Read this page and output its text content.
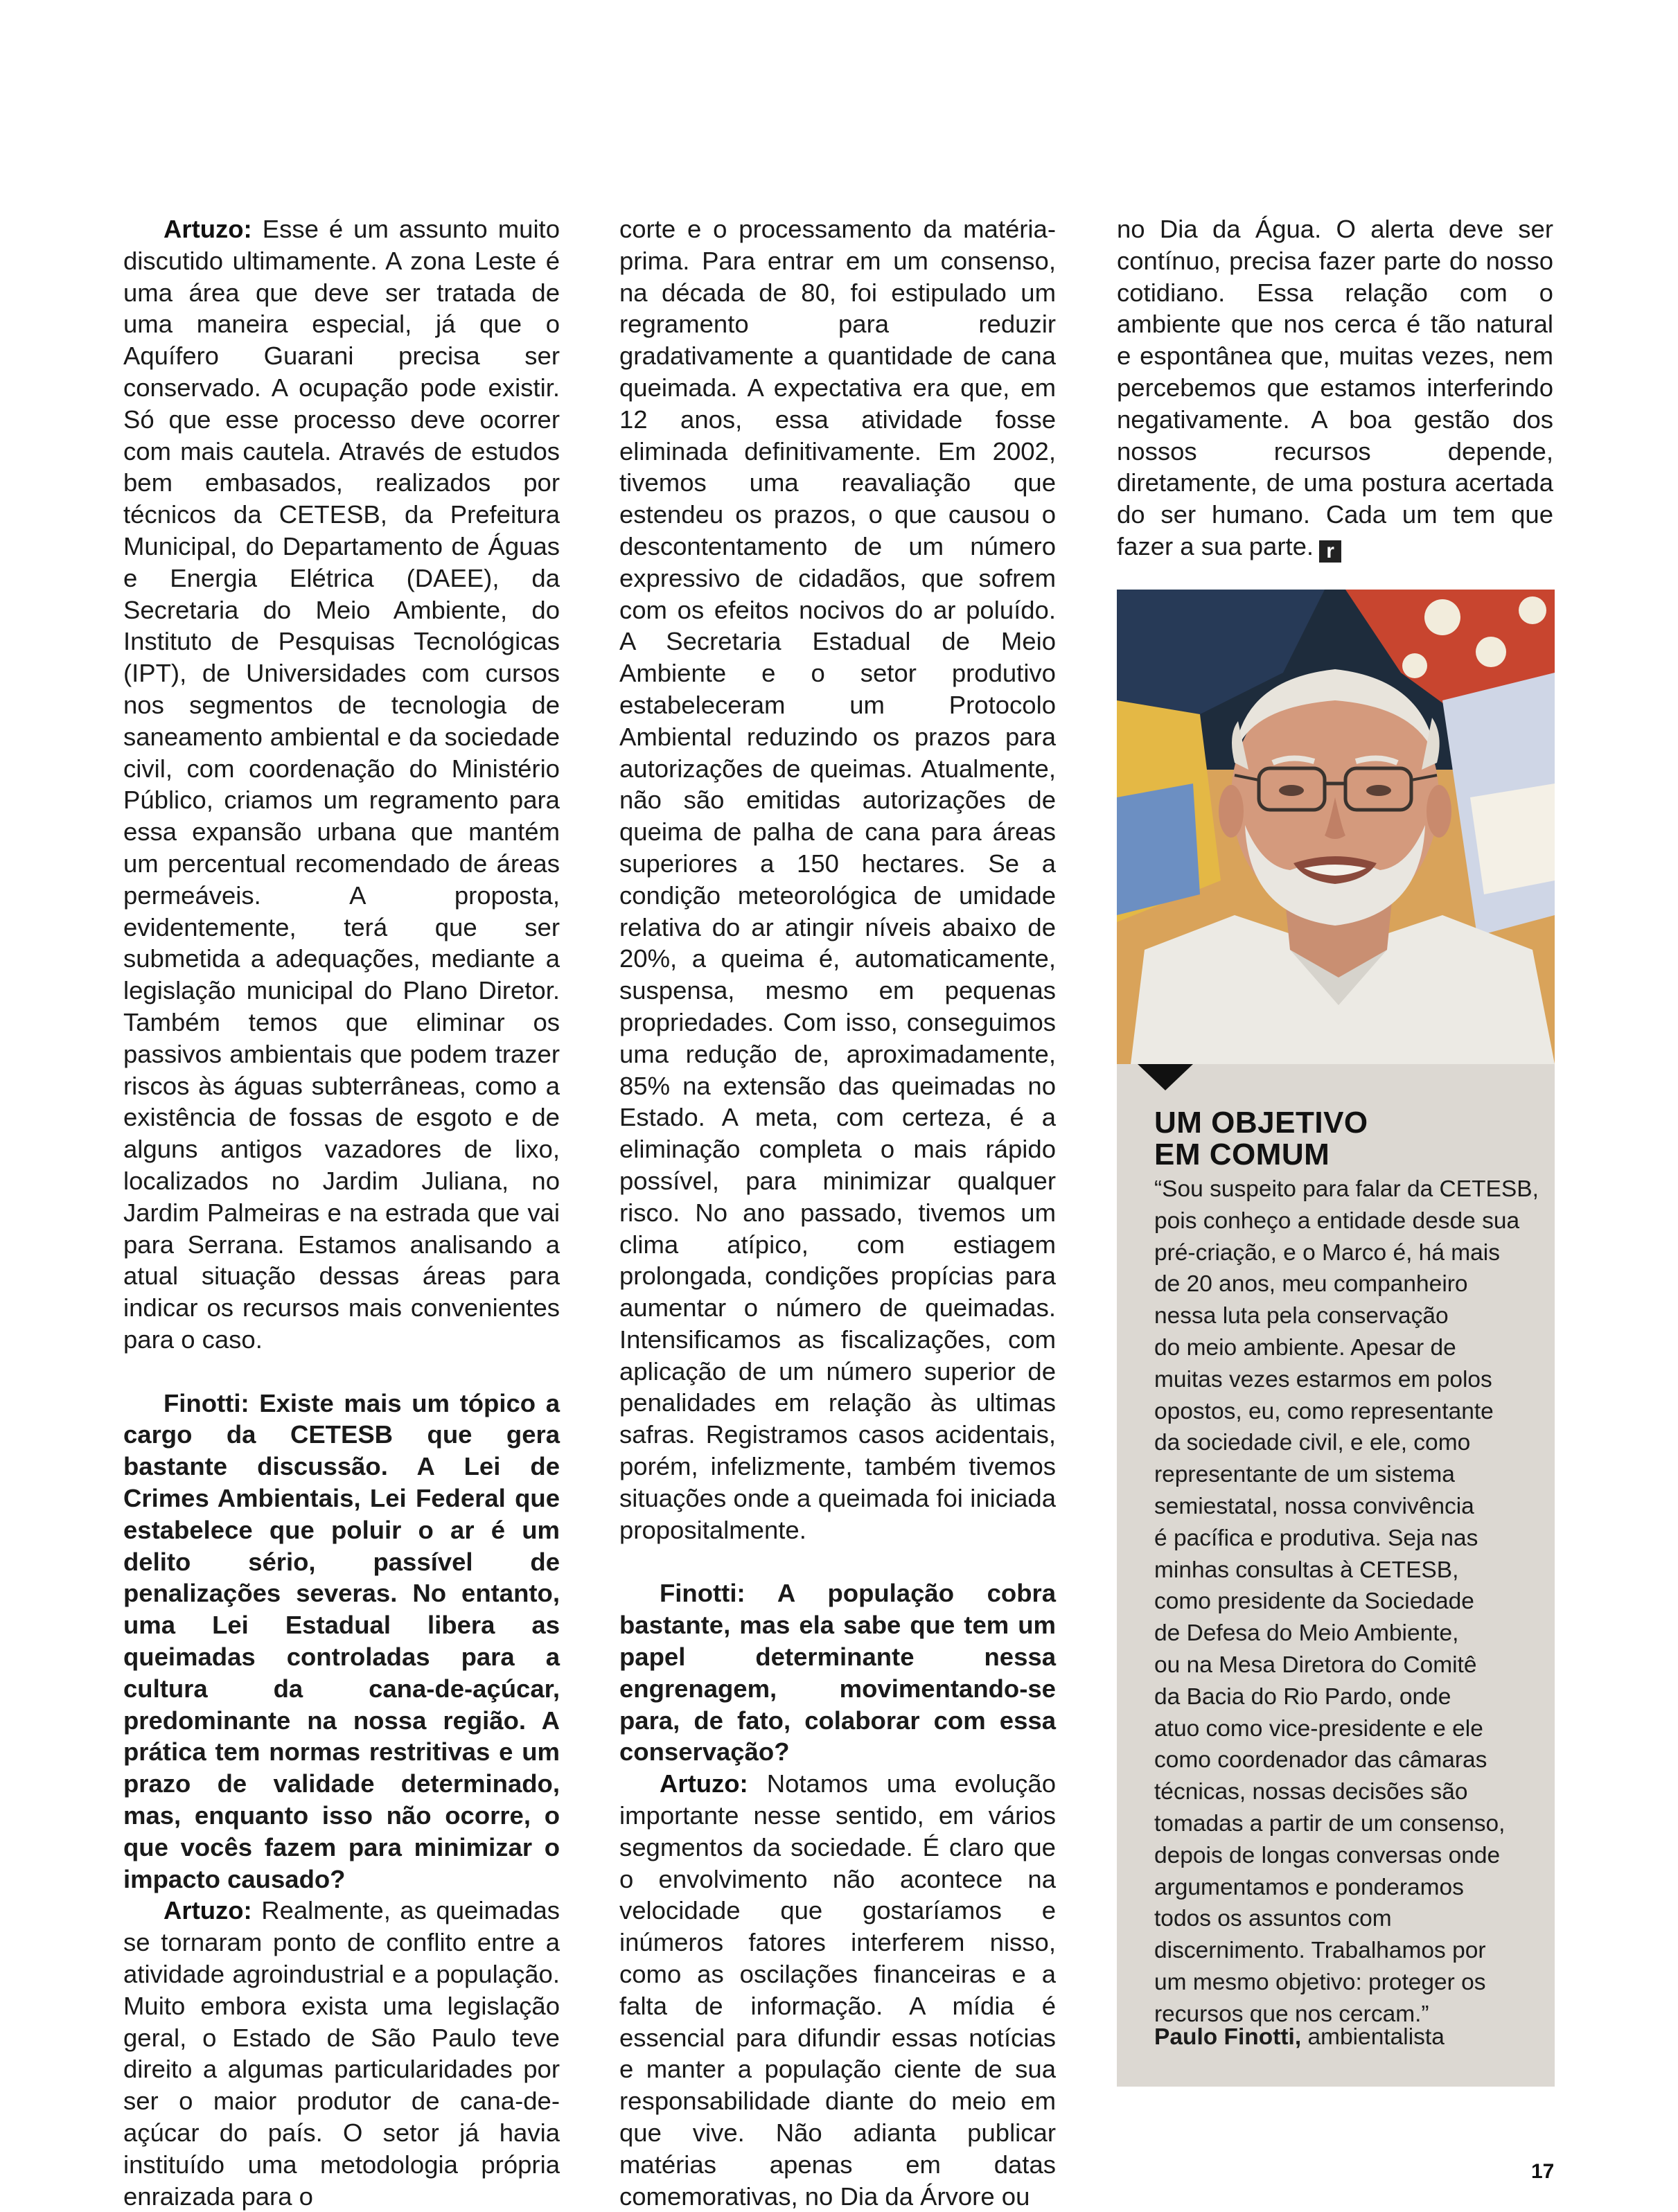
Artuzo: Esse é um assunto muito discutido ultimamente. A zona Leste é uma área que deve ser tratada de uma maneira especial, já que o Aquífero Guarani precisa ser conservado. A ocupação pode existir. Só que esse processo deve ocorrer com mais cautela. Através de estudos bem embasados, realizados por técnicos da CETESB, da Prefeitura Municipal, do Departamento de Águas e Energia Elétrica (DAEE), da Secretaria do Meio Ambiente, do Instituto de Pesquisas Tecnológicas (IPT), de Universidades com cursos nos segmentos de tecnologia de saneamento ambiental e da sociedade civil, com coordenação do Ministério Público, criamos um regramento para essa expansão urbana que mantém um percentual recomendado de áreas permeáveis. A proposta, evidentemente, terá que ser submetida a adequações, mediante a legislação municipal do Plano Diretor. Também temos que eliminar os passivos ambientais que podem trazer riscos às águas subterrâneas, como a existência de fossas de esgoto e de alguns antigos vazadores de lixo, localizados no Jardim Juliana, no Jardim Palmeiras e na estrada que vai para Serrana. Estamos analisando a atual situação dessas áreas para indicar os recursos mais convenientes para o caso.

Finotti: Existe mais um tópico a cargo da CETESB que gera bastante discussão. A Lei de Crimes Ambientais, Lei Federal que estabelece que poluir o ar é um delito sério, passível de penalizações severas. No entanto, uma Lei Estadual libera as queimadas controladas para a cultura da cana-de-açúcar, predominante na nossa região. A prática tem normas restritivas e um prazo de validade determinado, mas, enquanto isso não ocorre, o que vocês fazem para minimizar o impacto causado?

Artuzo: Realmente, as queimadas se tornaram ponto de conflito entre a atividade agroindustrial e a população. Muito embora exista uma legislação geral, o Estado de São Paulo teve direito a algumas particularidades por ser o maior produtor de cana-de-açúcar do país. O setor já havia instituído uma metodologia própria enraizada para o

corte e o processamento da matéria-prima. Para entrar em um consenso, na década de 80, foi estipulado um regramento para reduzir gradativamente a quantidade de cana queimada. A expectativa era que, em 12 anos, essa atividade fosse eliminada definitivamente. Em 2002, tivemos uma reavaliação que estendeu os prazos, o que causou o descontentamento de um número expressivo de cidadãos, que sofrem com os efeitos nocivos do ar poluído. A Secretaria Estadual de Meio Ambiente e o setor produtivo estabeleceram um Protocolo Ambiental reduzindo os prazos para autorizações de queimas. Atualmente, não são emitidas autorizações de queima de palha de cana para áreas superiores a 150 hectares. Se a condição meteorológica de umidade relativa do ar atingir níveis abaixo de 20%, a queima é, automaticamente, suspensa, mesmo em pequenas propriedades. Com isso, conseguimos uma redução de, aproximadamente, 85% na extensão das queimadas no Estado. A meta, com certeza, é a eliminação completa o mais rápido possível, para minimizar qualquer risco. No ano passado, tivemos um clima atípico, com estiagem prolongada, condições propícias para aumentar o número de queimadas. Intensificamos as fiscalizações, com aplicação de um número superior de penalidades em relação às ultimas safras. Registramos casos acidentais, porém, infelizmente, também tivemos situações onde a queimada foi iniciada propositalmente.

Finotti: A população cobra bastante, mas ela sabe que tem um papel determinante nessa engrenagem, movimentando-se para, de fato, colaborar com essa conservação?

Artuzo: Notamos uma evolução importante nesse sentido, em vários segmentos da sociedade. É claro que o envolvimento não acontece na velocidade que gostaríamos e inúmeros fatores interferem nisso, como as oscilações financeiras e a falta de informação. A mídia é essencial para difundir essas notícias e manter a população ciente de sua responsabilidade diante do meio em que vive. Não adianta publicar matérias apenas em datas comemorativas, no Dia da Árvore ou

no Dia da Água. O alerta deve ser contínuo, precisa fazer parte do nosso cotidiano. Essa relação com o ambiente que nos cerca é tão natural e espontânea que, muitas vezes, nem percebemos que estamos interferindo negativamente. A boa gestão dos nossos recursos depende, diretamente, de uma postura acertada do ser humano. Cada um tem que fazer a sua parte. r

UM OBJETIVO
EM COMUM
“Sou suspeito para falar da CETESB,
pois conheço a entidade desde sua
pré-criação, e o Marco é, há mais
de 20 anos, meu companheiro
nessa luta pela conservação
do meio ambiente. Apesar de
muitas vezes estarmos em polos
opostos, eu, como representante
da sociedade civil, e ele, como
representante de um sistema
semiestatal, nossa convivência
é pacífica e produtiva. Seja nas
minhas consultas à CETESB,
como presidente da Sociedade
de Defesa do Meio Ambiente,
ou na Mesa Diretora do Comitê
da Bacia do Rio Pardo, onde
atuo como vice-presidente e ele
como coordenador das câmaras
técnicas, nossas decisões são
tomadas a partir de um consenso,
depois de longas conversas onde
argumentamos e ponderamos
todos os assuntos com
discernimento. Trabalhamos por
um mesmo objetivo: proteger os
recursos que nos cercam.”
Paulo Finotti, ambientalista
17
